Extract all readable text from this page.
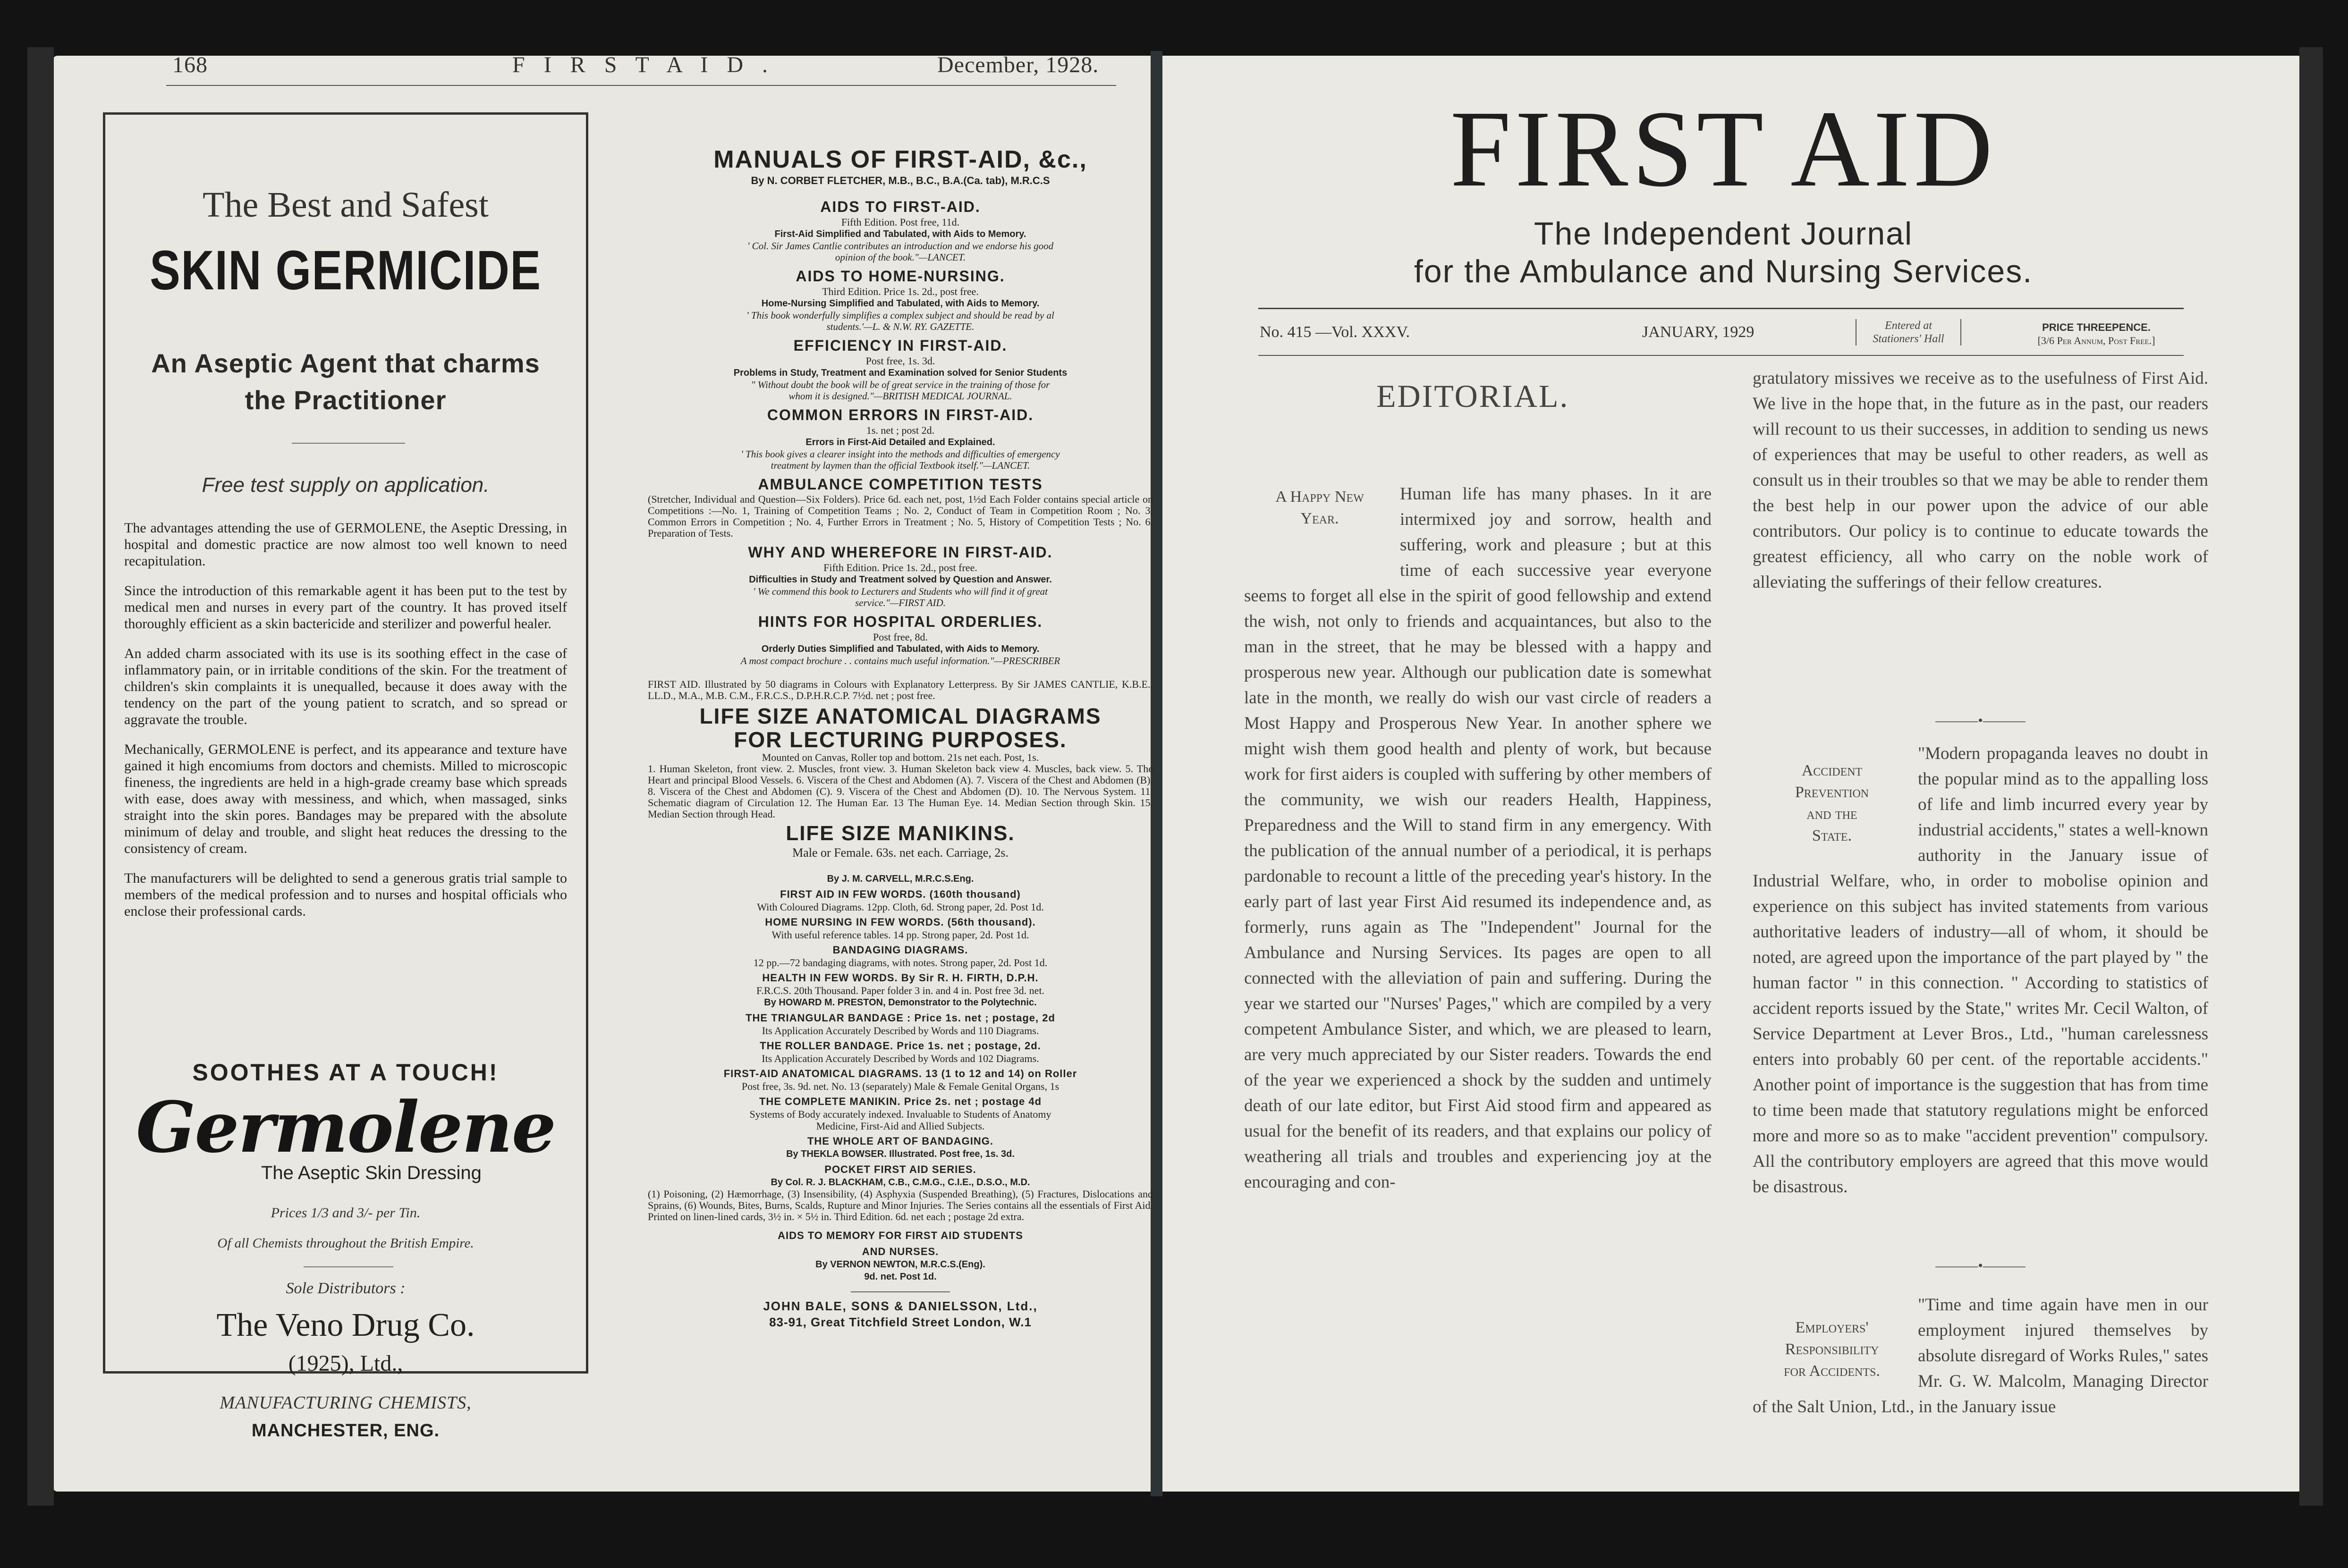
168	F I R S T A I D .	December, 1928.
The Best and Safest
SKIN GERMICIDE
An Aseptic Agent that charms the Practitioner
Free test supply on application.

The advantages attending the use of GERMOLENE, the Aseptic Dressing, in hospital and domestic practice are now almost too well known to need recapitulation.

Since the introduction of this remarkable agent it has been put to the test by medical men and nurses in every part of the country. It has proved itself thoroughly efficient as a skin bactericide and sterilizer and powerful healer.

An added charm associated with its use is its soothing effect in the case of inflammatory pain, or in irritable conditions of the skin. For the treatment of children's skin complaints it is unequalled, because it does away with the tendency on the part of the young patient to scratch, and so spread or aggravate the trouble.

Mechanically, GERMOLENE is perfect, and its appearance and texture have gained it high encomiums from doctors and chemists. Milled to microscopic fineness, the ingredients are held in a high-grade creamy base which spreads with ease, does away with messiness, and which, when massaged, sinks straight into the skin pores. Bandages may be prepared with the absolute minimum of delay and trouble, and slight heat reduces the dressing to the consistency of cream.

The manufacturers will be delighted to send a generous gratis trial sample to members of the medical profession and to nurses and hospital officials who enclose their professional cards.

SOOTHES AT A TOUCH!
Germolene
The Aseptic Skin Dressing
Prices 1/3 and 3/- per Tin.
Of all Chemists throughout the British Empire.
Sole Distributors :
The Veno Drug Co.
(1925), Ltd.,
MANUFACTURING CHEMISTS,
MANCHESTER, ENG.
MANUALS OF FIRST-AID, &c.,
By N. CORBET FLETCHER, M.B., B.C., B.A.(Ca. tab), M.R.C.S
AIDS TO FIRST-AID.
Fifth Edition. Post free, 11d.
First-Aid Simplified and Tabulated, with Aids to Memory.
' Col. Sir James Cantlie contributes an introduction and we endorse his good
opinion of the book."—LANCET.
AIDS TO HOME-NURSING.
Third Edition. Price 1s. 2d., post free.
Home-Nursing Simplified and Tabulated, with Aids to Memory.
' This book wonderfully simplifies a complex subject and should be read by al
students.'—L. & N.W. RY. GAZETTE.
EFFICIENCY IN FIRST-AID.
Post free, 1s. 3d.
Problems in Study, Treatment and Examination solved for Senior Students
" Without doubt the book will be of great service in the training of those for
whom it is designed."—BRITISH MEDICAL JOURNAL.
COMMON ERRORS IN FIRST-AID.
1s. net ; post 2d.
Errors in First-Aid Detailed and Explained.
' This book gives a clearer insight into the methods and difficulties of emergency
treatment by laymen than the official Textbook itself."—LANCET.
AMBULANCE COMPETITION TESTS
(Stretcher, Individual and Question—Six Folders). Price 6d. each net, post, 1½d Each Folder contains special article on Competitions :—No. 1, Training of Competition Teams ; No. 2, Conduct of Team in Competition Room ; No. 3, Common Errors in Competition ; No. 4, Further Errors in Treatment ; No. 5, History of Competition Tests ; No. 6, Preparation of Tests.
WHY AND WHEREFORE IN FIRST-AID.
Fifth Edition. Price 1s. 2d., post free.
Difficulties in Study and Treatment solved by Question and Answer.
' We commend this book to Lecturers and Students who will find it of great
service."—FIRST AID.
HINTS FOR HOSPITAL ORDERLIES.
Post free, 8d.
Orderly Duties Simplified and Tabulated, with Aids to Memory.
A most compact brochure . . contains much useful information."—PRESCRIBER
FIRST AID. Illustrated by 50 diagrams in Colours with Explanatory Letterpress. By Sir JAMES CANTLIE, K.B.E., LL.D., M.A., M.B. C.M., F.R.C.S., D.P.H.R.C.P. 7½d. net ; post free.
LIFE SIZE ANATOMICAL DIAGRAMS
FOR LECTURING PURPOSES.
Mounted on Canvas, Roller top and bottom. 21s net each. Post, 1s.
1. Human Skeleton, front view. 2. Muscles, front view. 3. Human Skeleton back view 4. Muscles, back view. 5. The Heart and principal Blood Vessels. 6. Viscera of the Chest and Abdomen (A). 7. Viscera of the Chest and Abdomen (B). 8. Viscera of the Chest and Abdomen (C). 9. Viscera of the Chest and Abdomen (D). 10. The Nervous System. 11. Schematic diagram of Circulation 12. The Human Ear. 13 The Human Eye. 14. Median Section through Skin. 15. Median Section through Head.
LIFE SIZE MANIKINS.
Male or Female. 63s. net each. Carriage, 2s.
By J. M. CARVELL, M.R.C.S.Eng.
FIRST AID IN FEW WORDS. (160th thousand)
With Coloured Diagrams. 12pp. Cloth, 6d. Strong paper, 2d. Post 1d.
HOME NURSING IN FEW WORDS. (56th thousand).
With useful reference tables. 14 pp. Strong paper, 2d. Post 1d.
BANDAGING DIAGRAMS.
12 pp.—72 bandaging diagrams, with notes. Strong paper, 2d. Post 1d.
HEALTH IN FEW WORDS. By Sir R. H. FIRTH, D.P.H.
F.R.C.S. 20th Thousand. Paper folder 3 in. and 4 in. Post free 3d. net.
By HOWARD M. PRESTON, Demonstrator to the Polytechnic.
THE TRIANGULAR BANDAGE : Price 1s. net ; postage, 2d
Its Application Accurately Described by Words and 110 Diagrams.
THE ROLLER BANDAGE. Price 1s. net ; postage, 2d.
Its Application Accurately Described by Words and 102 Diagrams.
FIRST-AID ANATOMICAL DIAGRAMS. 13 (1 to 12 and 14) on Roller
Post free, 3s. 9d. net. No. 13 (separately) Male & Female Genital Organs, 1s
THE COMPLETE MANIKIN. Price 2s. net ; postage 4d
Systems of Body accurately indexed. Invaluable to Students of Anatomy
Medicine, First-Aid and Allied Subjects.
THE WHOLE ART OF BANDAGING.
By THEKLA BOWSER. Illustrated. Post free, 1s. 3d.
POCKET FIRST AID SERIES.
By Col. R. J. BLACKHAM, C.B., C.M.G., C.I.E., D.S.O., M.D.
(1) Poisoning, (2) Hæmorrhage, (3) Insensibility, (4) Asphyxia (Suspended Breathing), (5) Fractures, Dislocations and Sprains, (6) Wounds, Bites, Burns, Scalds, Rupture and Minor Injuries. The Series contains all the essentials of First Aid. Printed on linen-lined cards, 3½ in. × 5½ in. Third Edition. 6d. net each ; postage 2d extra.
AIDS TO MEMORY FOR FIRST AID STUDENTS
AND NURSES.
By VERNON NEWTON, M.R.C.S.(Eng).
9d. net. Post 1d.
JOHN BALE, SONS & DANIELSSON, Ltd.,
83-91, Great Titchfield Street London, W.1
FIRST AID
The Independent Journal
for the Ambulance and Nursing Services.
No. 415 —Vol. XXXV.	JANUARY, 1929	Entered at
Stationers' Hall
PRICE THREEPENCE.
[3/6 Per Annum, Post Free.]
EDITORIAL.
A Happy New
Year.
Accident
Prevention
and the
State.
Employers'
Responsibility
for Accidents.
Human life has many phases. In it are intermixed joy and sorrow, health and suffering, work and pleasure ; but at this time of each successive year everyone seems to forget all else in the spirit of good fellowship and extend the wish, not only to friends and acquaintances, but also to the man in the street, that he may be blessed with a happy and prosperous new year. Although our publication date is somewhat late in the month, we really do wish our vast circle of readers a Most Happy and Prosperous New Year. In another sphere we might wish them good health and plenty of work, but because work for first aiders is coupled with suffering by other members of the community, we wish our readers Health, Happiness, Preparedness and the Will to stand firm in any emergency. With the publication of the annual number of a periodical, it is perhaps pardonable to recount a little of the preceding year's history. In the early part of last year First Aid resumed its independence and, as formerly, runs again as The "Independent" Journal for the Ambulance and Nursing Services. Its pages are open to all connected with the alleviation of pain and suffering. During the year we started our "Nurses' Pages," which are compiled by a very competent Ambulance Sister, and which, we are pleased to learn, are very much appreciated by our Sister readers. Towards the end of the year we experienced a shock by the sudden and untimely death of our late editor, but First Aid stood firm and appeared as usual for the benefit of its readers, and that explains our policy of weathering all trials and troubles and experiencing joy at the encouraging and con-
gratulatory missives we receive as to the usefulness of First Aid. We live in the hope that, in the future as in the past, our readers will recount to us their successes, in addition to sending us news of experiences that may be useful to other readers, as well as consult us in their troubles so that we may be able to render them the best help in our power upon the advice of our able contributors. Our policy is to continue to educate towards the greatest efficiency, all who carry on the noble work of alleviating the sufferings of their fellow creatures.
———•———
"Modern propaganda leaves no doubt in the popular mind as to the appalling loss of life and limb incurred every year by industrial accidents," states a well-known authority in the January issue of Industrial Welfare, who, in order to mobolise opinion and experience on this subject has invited statements from various authoritative leaders of industry—all of whom, it should be noted, are agreed upon the importance of the part played by " the human factor " in this connection. " According to statistics of accident reports issued by the State," writes Mr. Cecil Walton, of Service Department at Lever Bros., Ltd., "human carelessness enters into probably 60 per cent. of the reportable accidents." Another point of importance is the suggestion that has from time to time been made that statutory regulations might be enforced more and more so as to make "accident prevention" compulsory. All the contributory employers are agreed that this move would be disastrous.
———•———
"Time and time again have men in our employment injured themselves by absolute disregard of Works Rules," sates Mr. G. W. Malcolm, Managing Director of the Salt Union, Ltd., in the January issue
